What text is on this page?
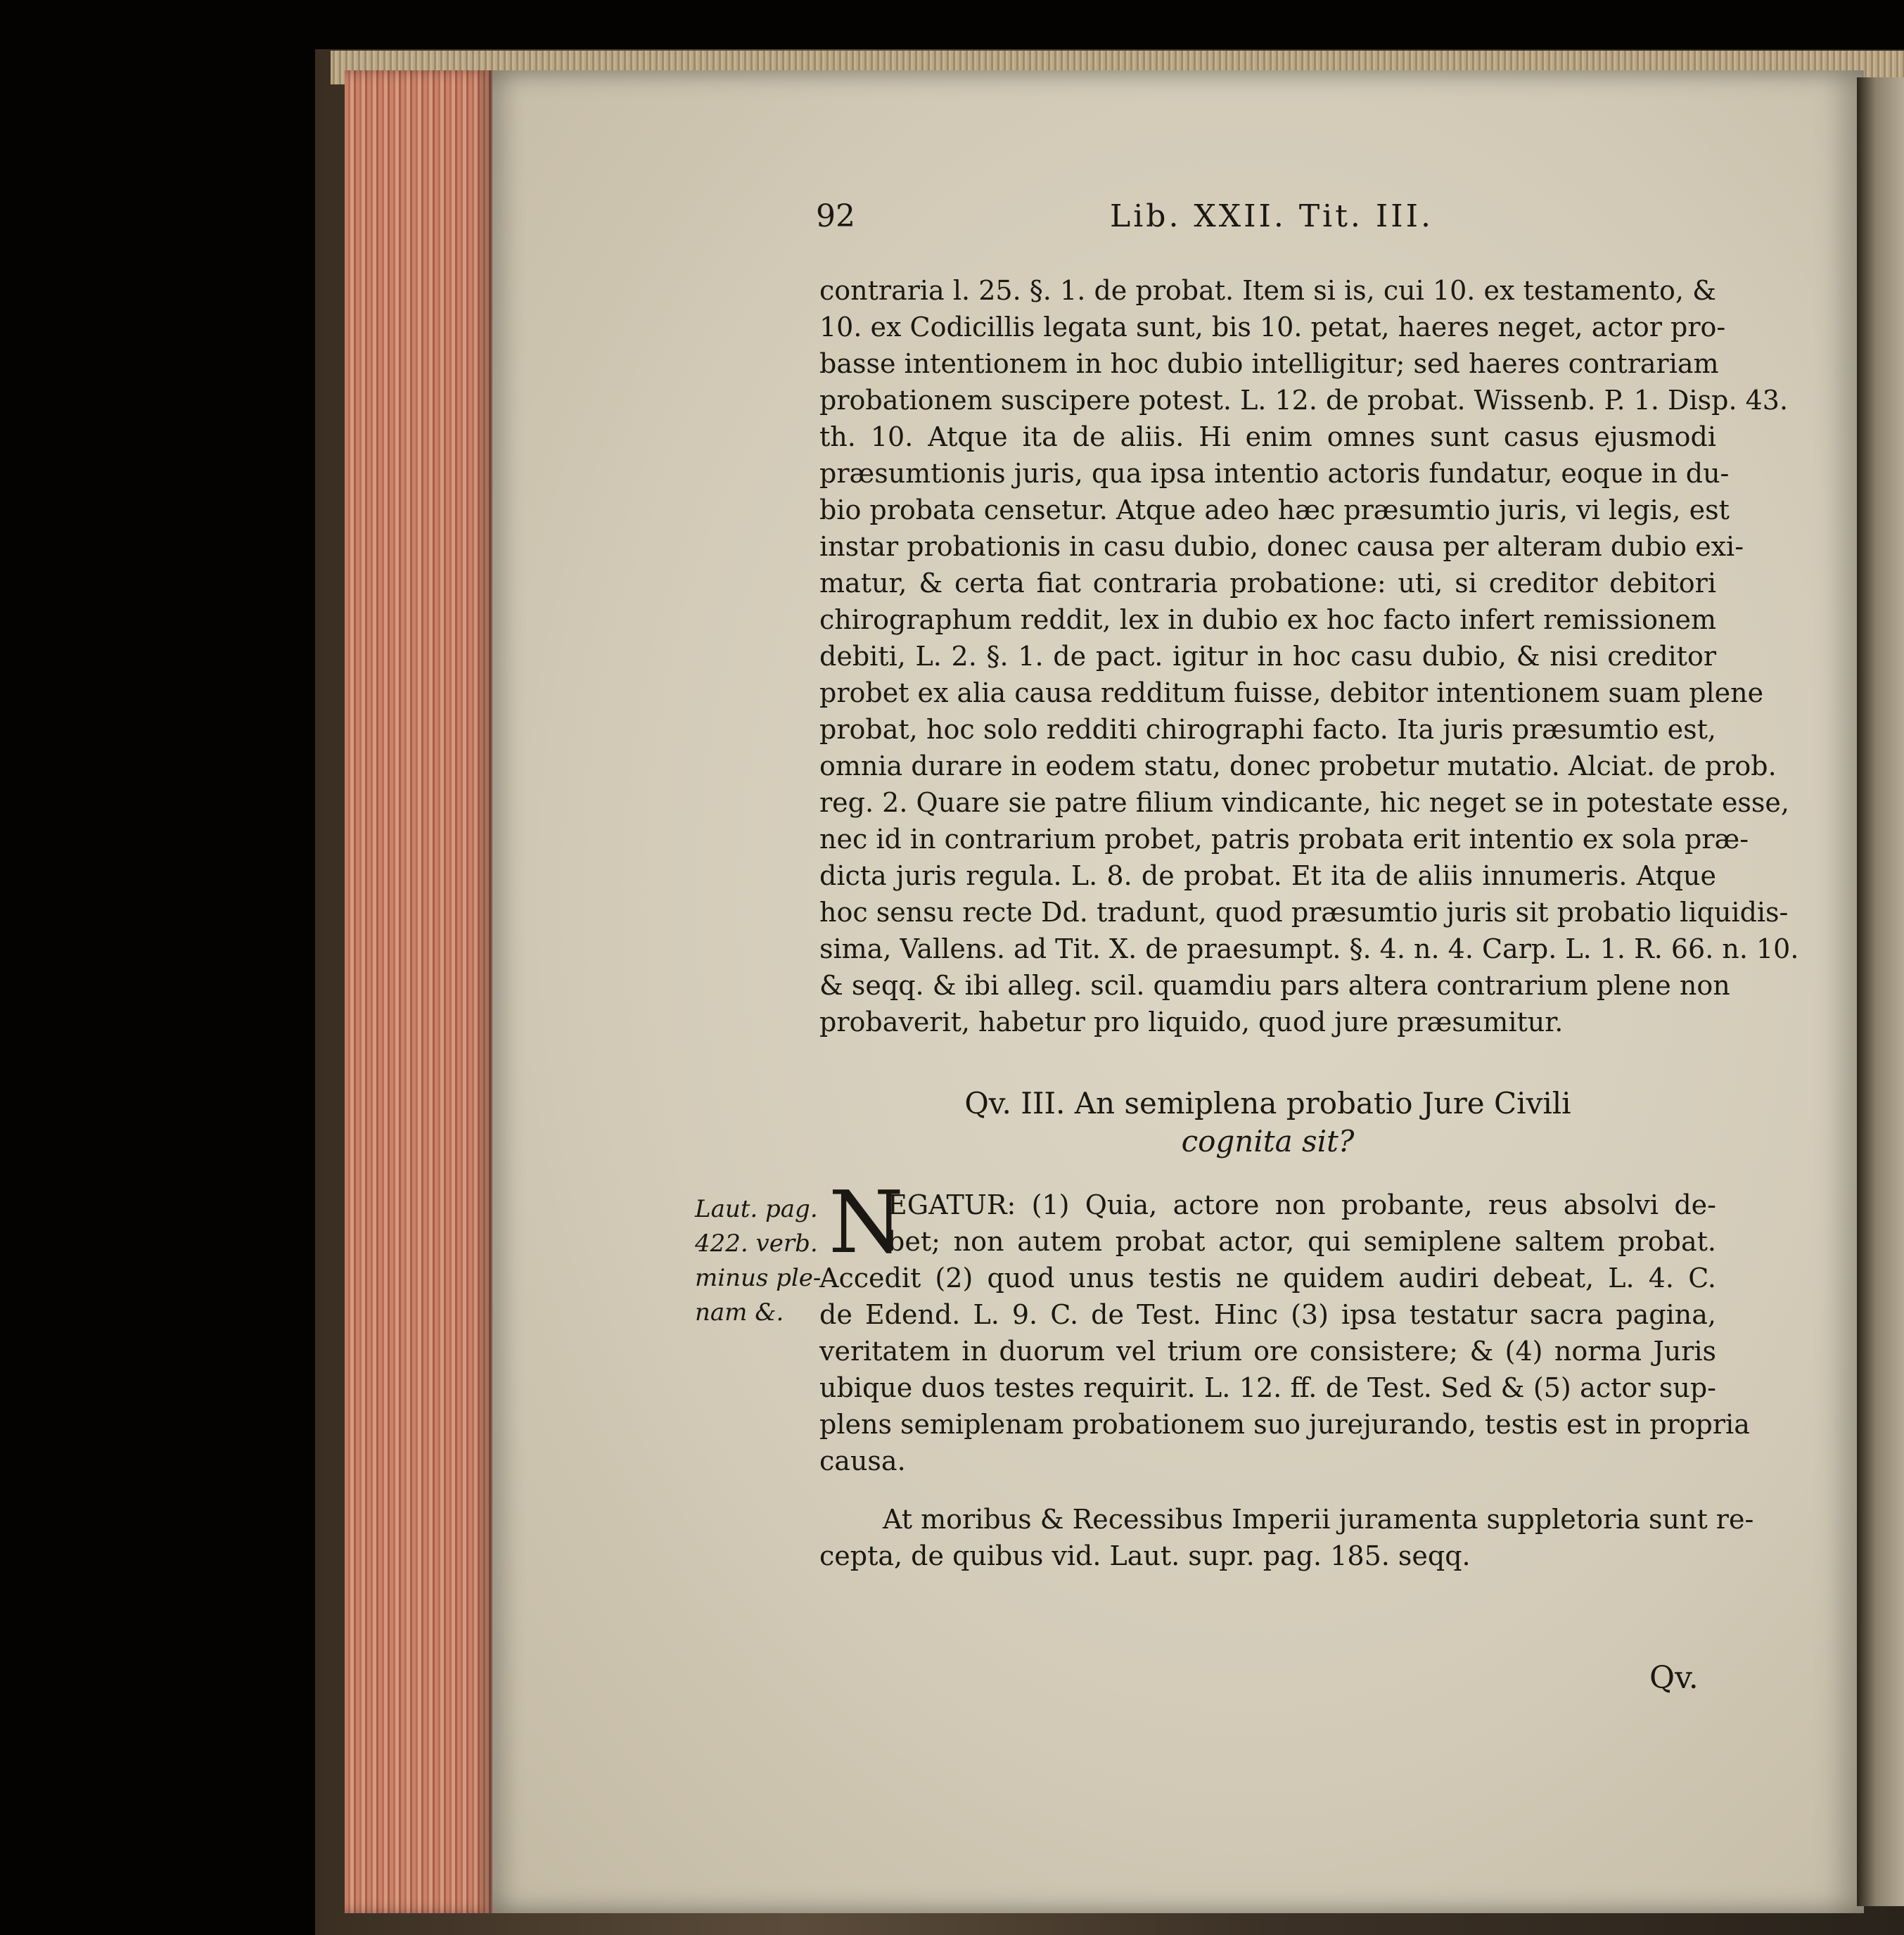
92	Lib. XXII. Tit. III.

contraria l. 25. §. 1. de probat. Item si is, cui 10. ex testamento, &

10. ex Codicillis legata sunt, bis 10. petat, haeres neget, actor pro-

basse intentionem in hoc dubio intelligitur; sed haeres contrariam

probationem suscipere potest. L. 12. de probat. Wissenb. P. 1. Disp. 43.

th. 10. Atque ita de aliis. Hi enim omnes sunt casus ejusmodi

præsumtionis juris, qua ipsa intentio actoris fundatur, eoque in du-

bio probata censetur. Atque adeo hæc præsumtio juris, vi legis, est

instar probationis in casu dubio, donec causa per alteram dubio exi-

matur, & certa fiat contraria probatione: uti, si creditor debitori

chirographum reddit, lex in dubio ex hoc facto infert remissionem

debiti, L. 2. §. 1. de pact. igitur in hoc casu dubio, & nisi creditor

probet ex alia causa redditum fuisse, debitor intentionem suam plene

probat, hoc solo redditi chirographi facto. Ita juris præsumtio est,

omnia durare in eodem statu, donec probetur mutatio. Alciat. de prob.

reg. 2. Quare sie patre filium vindicante, hic neget se in potestate esse,

nec id in contrarium probet, patris probata erit intentio ex sola præ-

dicta juris regula. L. 8. de probat. Et ita de aliis innumeris. Atque

hoc sensu recte Dd. tradunt, quod præsumtio juris sit probatio liquidis-

sima, Vallens. ad Tit. X. de praesumpt. §. 4. n. 4. Carp. L. 1. R. 66. n. 10.

& seqq. & ibi alleg. scil. quamdiu pars altera contrarium plene non

probaverit, habetur pro liquido, quod jure præsumitur.

Qv. III. An semiplena probatio Jure Civili
cognita sit?
Laut. pag.
422. verb.
minus ple-
nam &.
N

EGATUR: (1) Quia, actore non probante, reus absolvi de-

bet; non autem probat actor, qui semiplene saltem probat.

Accedit (2) quod unus testis ne quidem audiri debeat, L. 4. C.

de Edend. L. 9. C. de Test. Hinc (3) ipsa testatur sacra pagina,

veritatem in duorum vel trium ore consistere; & (4) norma Juris

ubique duos testes requirit. L. 12. ff. de Test. Sed & (5) actor sup-

plens semiplenam probationem suo jurejurando, testis est in propria

causa.

At moribus & Recessibus Imperii juramenta suppletoria sunt re-

cepta, de quibus vid. Laut. supr. pag. 185. seqq.

Qv.
